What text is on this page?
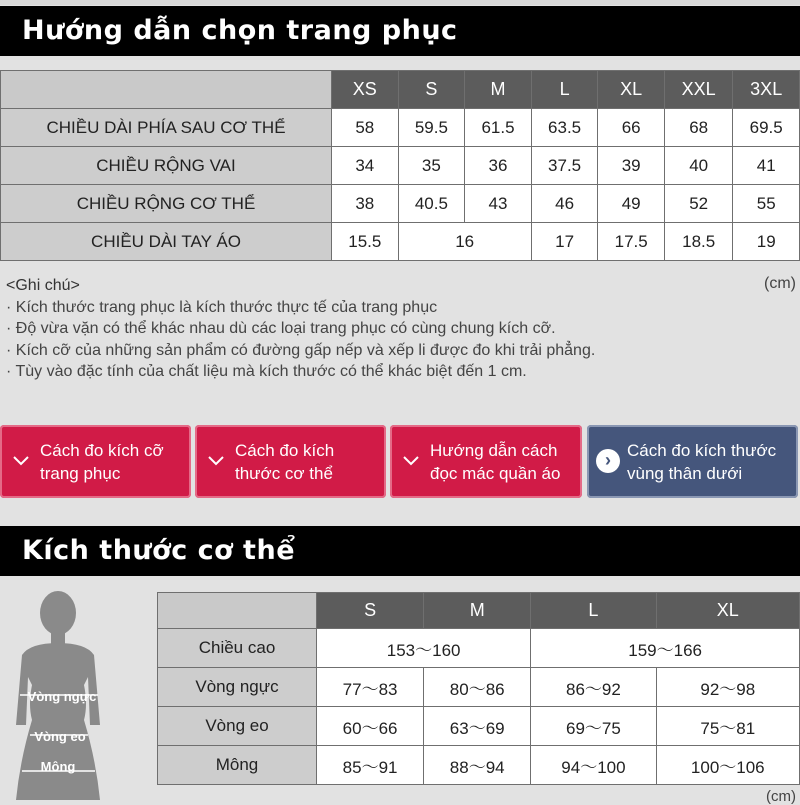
Hướng dẫn chọn trang phục
	XS	S	M	L	XL	XXL	3XL
CHIỀU DÀI PHÍA SAU CƠ THỂ	58	59.5	61.5	63.5	66	68	69.5
CHIỀU RỘNG VAI	34	35	36	37.5	39	40	41
CHIỀU RỘNG CƠ THỂ	38	40.5	43	46	49	52	55
CHIỀU DÀI TAY ÁO	15.5	16		17	17.5	18.5	19
<Ghi chú>
· Kích thước trang phục là kích thước thực tế của trang phục
· Độ vừa vặn có thể khác nhau dù các loại trang phục có cùng chung kích cỡ.
· Kích cỡ của những sản phẩm có đường gấp nếp và xếp li được đo khi trải phẳng.
· Tùy vào đặc tính của chất liệu mà kích thước có thể khác biệt đến 1 cm.
(cm)
Cách đo kích cỡ
trang phục
Cách đo kích
thước cơ thể
Hướng dẫn cách
đọc mác quần áo
› Cách đo kích thước
vùng thân dưới
Kích thước cơ thể
Vòng ngực
Vòng eo
Mông
	S	M	L	XL
Chiều cao	153〜160		159〜166	
Vòng ngực	77〜83	80〜86	86〜92	92〜98
Vòng eo	60〜66	63〜69	69〜75	75〜81
Mông	85〜91	88〜94	94〜100	100〜106
(cm)
